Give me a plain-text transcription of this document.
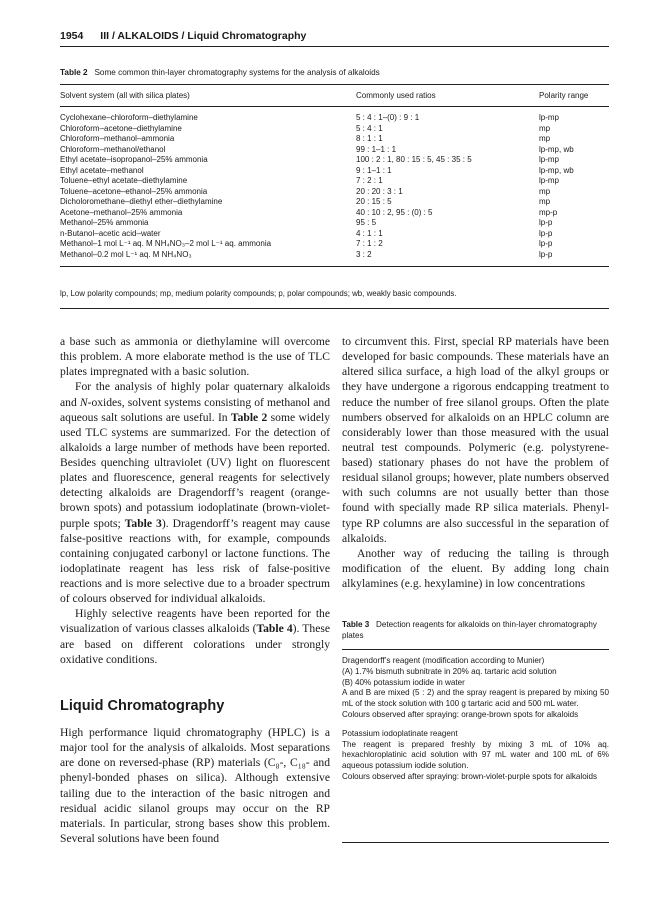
1954 III / ALKALOIDS / Liquid Chromatography
Table 2 Some common thin-layer chromatography systems for the analysis of alkaloids
Solvent system (all with silica plates)	Commonly used ratios	Polarity range
Cyclohexane–chloroform–diethylamine	5 : 4 : 1–(0) : 9 : 1	lp-mp
Chloroform–acetone–diethylamine	5 : 4 : 1	mp
Chloroform–methanol–ammonia	8 : 1 : 1	mp
Chloroform–methanol/ethanol	99 : 1–1 : 1	lp-mp, wb
Ethyl acetate–isopropanol–25% ammonia	100 : 2 : 1, 80 : 15 : 5, 45 : 35 : 5	lp-mp
Ethyl acetate–methanol	9 : 1–1 : 1	lp-mp, wb
Toluene–ethyl acetate–diethylamine	7 : 2 : 1	lp-mp
Toluene–acetone–ethanol–25% ammonia	20 : 20 : 3 : 1	mp
Dicholoromethane–diethyl ether–diethylamine	20 : 15 : 5	mp
Acetone–methanol–25% ammonia	40 : 10 : 2, 95 : (0) : 5	mp-p
Methanol–25% ammonia	95 : 5	lp-p
n-Butanol–acetic acid–water	4 : 1 : 1	lp-p
Methanol–1 mol L⁻¹ aq. M NH₄NO₃–2 mol L⁻¹ aq. ammonia	7 : 1 : 2	lp-p
Methanol–0.2 mol L⁻¹ aq. M NH₄NO₃	3 : 2	lp-p
lp, Low polarity compounds; mp, medium polarity compounds; p, polar compounds; wb, weakly basic compounds.

a base such as ammonia or diethylamine will overcome this problem. A more elaborate method is the use of TLC plates impregnated with a basic solution.

For the analysis of highly polar quaternary alkaloids and N-oxides, solvent systems consisting of methanol and aqueous salt solutions are useful. In Table 2 some widely used TLC systems are summarized. For the detection of alkaloids a large number of methods have been reported. Besides quenching ultraviolet (UV) light on fluorescent plates and fluorescence, general reagents for selectively detecting alkaloids are Dragendorff’s reagent (orange-brown spots) and potassium iodoplatinate (brown-violet-purple spots; Table 3). Dragendorff’s reagent may cause false-positive reactions with, for example, compounds containing conjugated carbonyl or lactone functions. The iodoplatinate reagent has less risk of false-positive reactions and is more selective due to a broader spectrum of colours observed for individual alkaloids.

Highly selective reagents have been reported for the visualization of various classes alkaloids (Table 4). These are based on different colorations under strongly oxidative conditions.

Liquid Chromatography

High performance liquid chromatography (HPLC) is a major tool for the analysis of alkaloids. Most separations are done on reversed-phase (RP) materials (C₈-, C₁₈- and phenyl-bonded phases on silica). Although extensive tailing due to the interaction of the basic nitrogen and residual acidic silanol groups may occur on the RP materials. In particular, strong bases show this problem. Several solutions have been found

to circumvent this. First, special RP materials have been developed for basic compounds. These materials have an altered silica surface, a high load of the alkyl groups or they have undergone a rigorous endcapping treatment to reduce the number of free silanol groups. Often the plate numbers observed for alkaloids on an HPLC column are considerably lower than those measured with the usual neutral test compounds. Polymeric (e.g. polystyrene-based) stationary phases do not have the problem of residual silanol groups; however, plate numbers observed with such columns are not usually better than those found with specially made RP silica materials. Phenyl-type RP columns are also successful in the separation of alkaloids.

Another way of reducing the tailing is through modification of the eluent. By adding long chain alkylamines (e.g. hexylamine) in low concentrations

Table 3 Detection reagents for alkaloids on thin-layer chromatography plates
Dragendorff’s reagent (modification according to Munier)
(A) 1.7% bismuth subnitrate in 20% aq. tartaric acid solution
(B) 40% potassium iodide in water
A and B are mixed (5 : 2) and the spray reagent is prepared by mixing 50 mL of the stock solution with 100 g tartaric acid and 500 mL water.
Colours observed after spraying: orange-brown spots for alkaloids
Potassium iodoplatinate reagent
The reagent is prepared freshly by mixing 3 mL of 10% aq. hexachloroplatinic acid solution with 97 mL water and 100 mL of 6% aqueous potassium iodide solution.
Colours observed after spraying: brown-violet-purple spots for alkaloids
